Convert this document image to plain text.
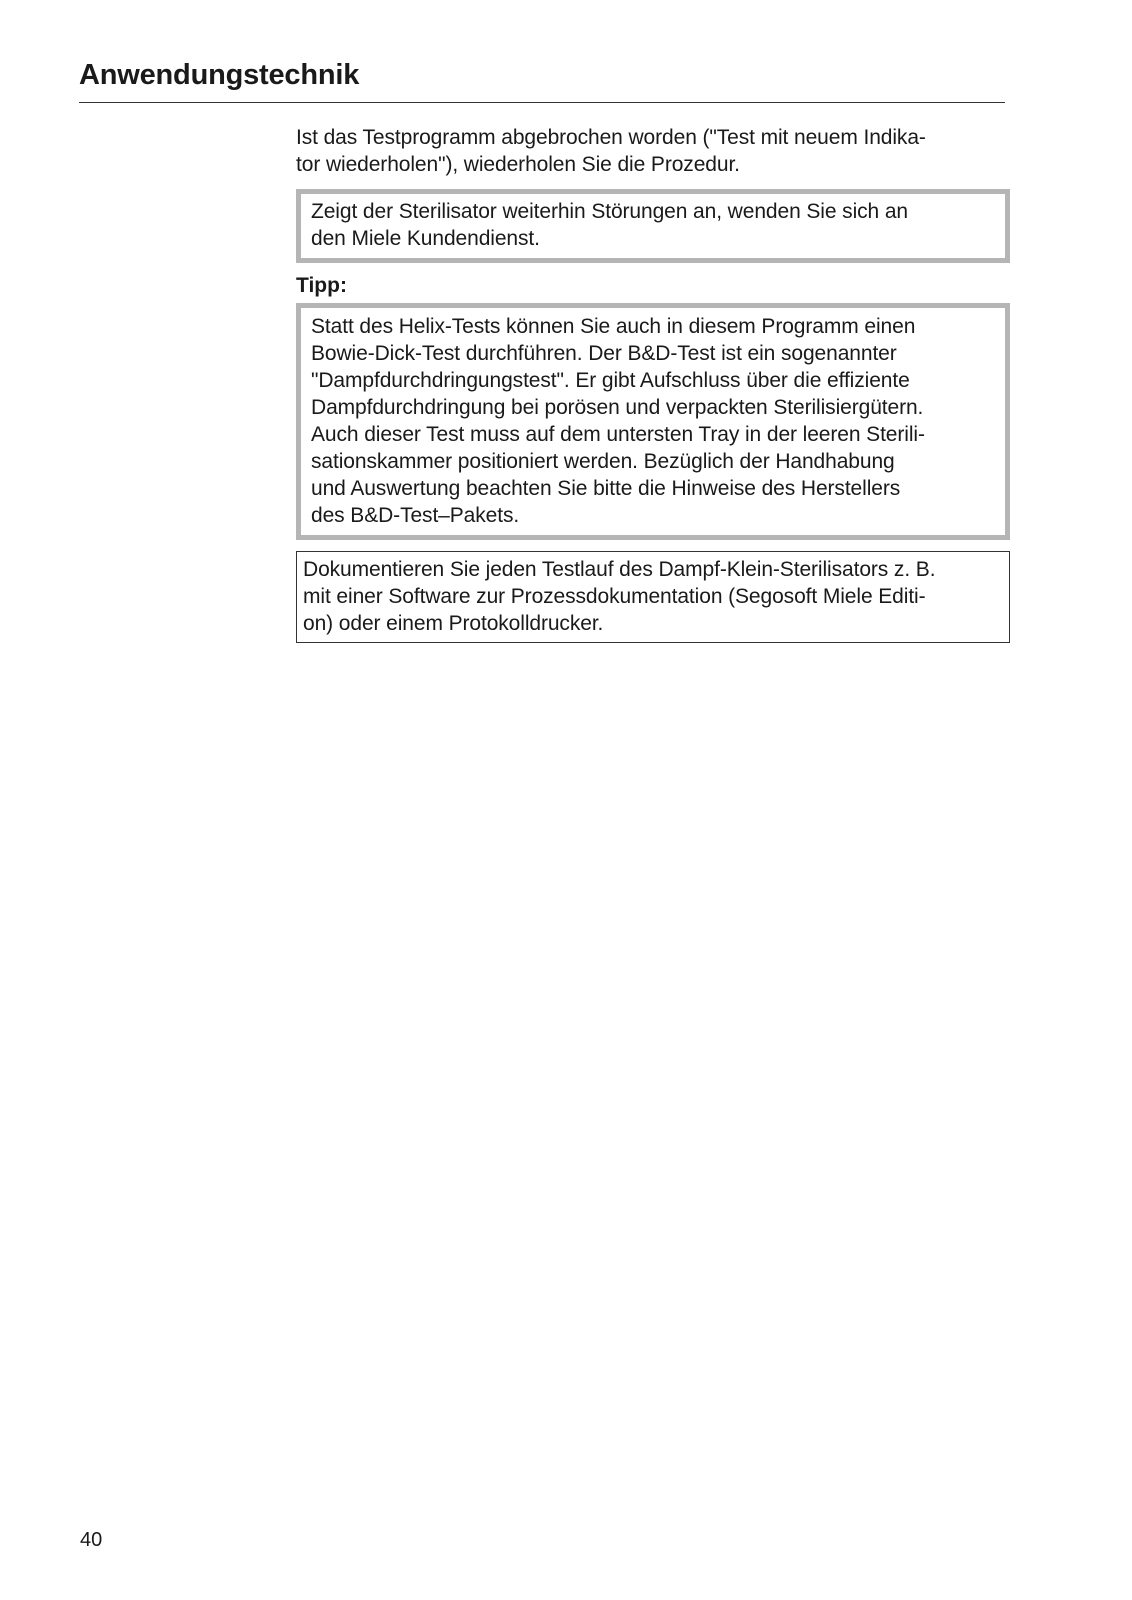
Anwendungstechnik

Ist das Testprogramm abgebrochen worden ("Test mit neuem Indika-
tor wiederholen"), wiederholen Sie die Prozedur.

Zeigt der Sterilisator weiterhin Störungen an, wenden Sie sich an
den Miele Kundendienst.

Tipp:

Statt des Helix-Tests können Sie auch in diesem Programm einen
Bowie-Dick-Test durchführen. Der B&D-Test ist ein sogenannter
"Dampfdurchdringungstest". Er gibt Aufschluss über die effiziente
Dampfdurchdringung bei porösen und verpackten Sterilisiergütern.
Auch dieser Test muss auf dem untersten Tray in der leeren Sterili-
sationskammer positioniert werden. Bezüglich der Handhabung
und Auswertung beachten Sie bitte die Hinweise des Herstellers
des B&D-Test–Pakets.

Dokumentieren Sie jeden Testlauf des Dampf-Klein-Sterilisators z. B.
mit einer Software zur Prozessdokumentation (Segosoft Miele Editi-
on) oder einem Protokolldrucker.

40
